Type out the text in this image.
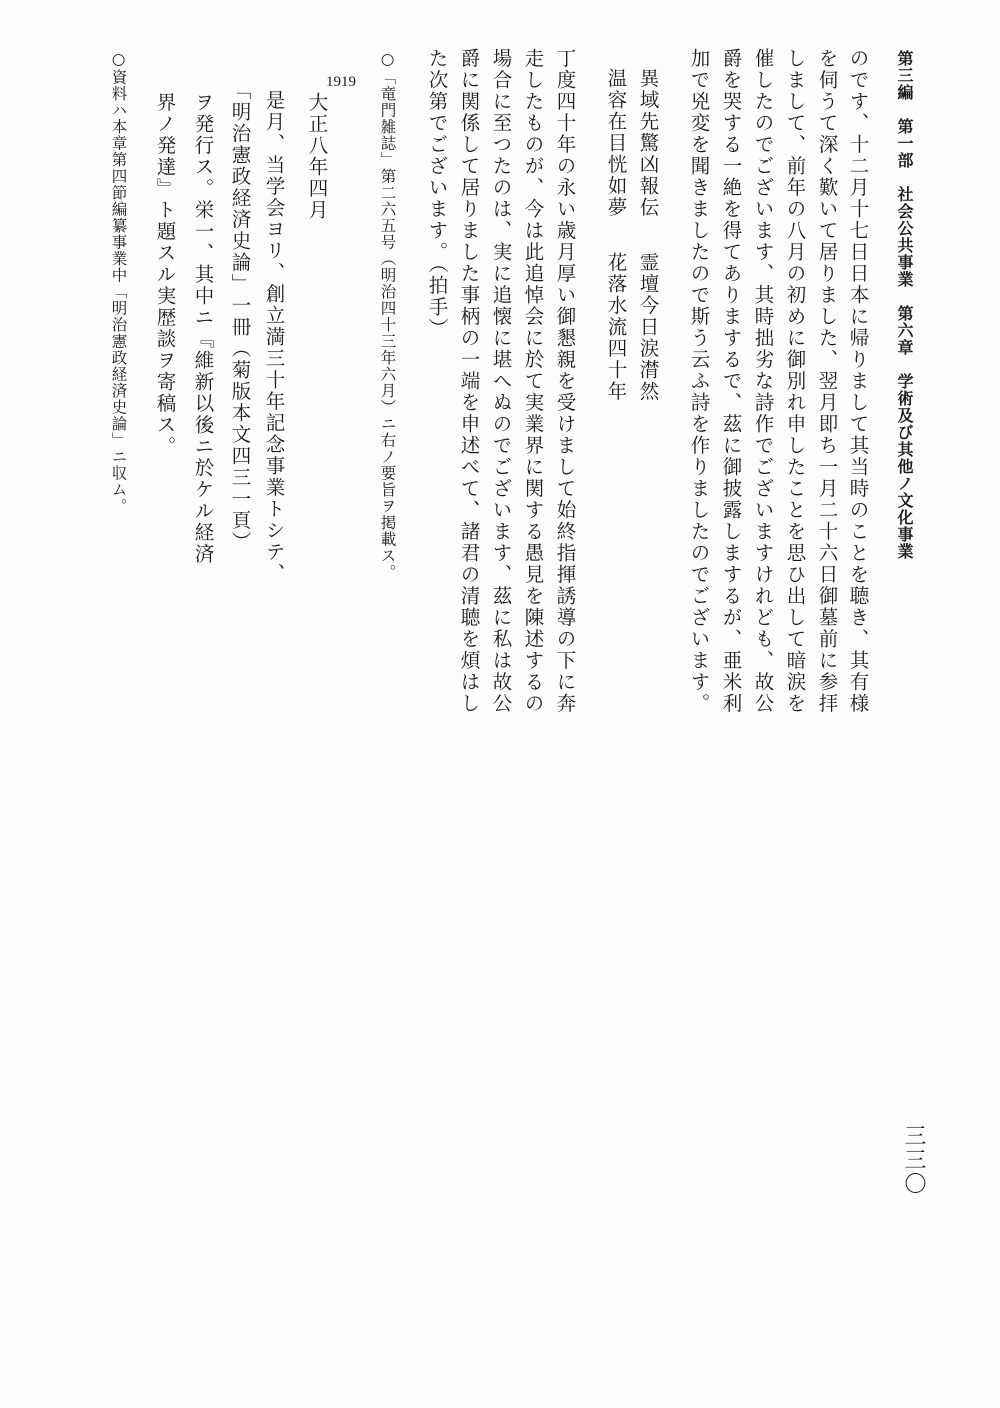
第三編　第一部　社会公共事業　第六章　学術及び其他ノ文化事業
のです、十二月十七日日本に帰りまして其当時のことを聴き、其有様
を伺うて深く歎いて居りました、翌月即ち一月二十六日御墓前に参拝
しまして、前年の八月の初めに御別れ申したことを思ひ出して暗涙を
催したのでございます、其時拙劣な詩作でございますけれども、故公
爵を哭する一絶を得てありまするで、茲に御披露しまするが、亜米利
加で兇変を聞きましたので斯う云ふ詩を作りましたのでございます。
異域先驚凶報伝
霊壇今日涙潸然
温容在目恍如夢
花落水流四十年
丁度四十年の永い歳月厚い御懇親を受けまして始終指揮誘導の下に奔
走したものが、今は此追悼会に於て実業界に関する愚見を陳述するの
場合に至つたのは、実に追懐に堪へぬのでございます、茲に私は故公
爵に関係して居りました事柄の一端を申述べて、諸君の清聴を煩はし
た次第でございます。（拍手）
○「竜門雑誌」第二六五号（明治四十三年六月）ニ右ノ要旨ヲ掲載ス。
1919
大正八年四月
是月、当学会ヨリ、創立満三十年記念事業トシテ、
「明治憲政経済史論」一冊（菊版本文四三一頁）
ヲ発行ス。栄一、其中ニ『維新以後ニ於ケル経済
界ノ発達』ト題スル実歴談ヲ寄稿ス。
○資料ハ本章第四節編纂事業中「明治憲政経済史論」ニ収ム。
三三〇
